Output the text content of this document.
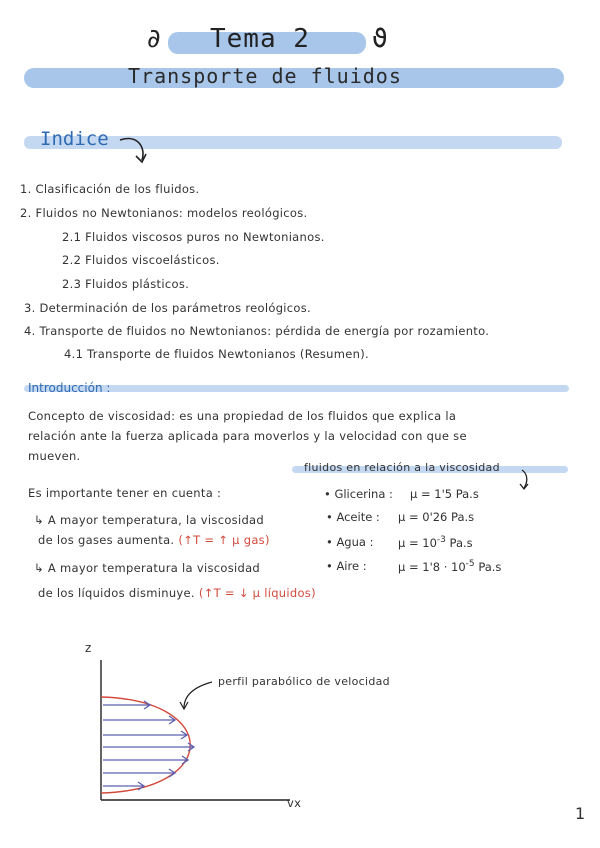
∂ Tema 2 ϑ
Transporte de fluidos
Indice
1. Clasificación de los fluidos.
2. Fluidos no Newtonianos: modelos reológicos.
2.1 Fluidos viscosos puros no Newtonianos.
2.2 Fluidos viscoelásticos.
2.3 Fluidos plásticos.
3. Determinación de los parámetros reológicos.
4. Transporte de fluidos no Newtonianos: pérdida de energía por rozamiento.
4.1 Transporte de fluidos Newtonianos (Resumen).
Introducción :
Concepto de viscosidad: es una propiedad de los fluidos que explica la
relación ante la fuerza aplicada para moverlos y la velocidad con que se
mueven.
fluidos en relación a la viscosidad
• Glicerina : μ = 1'5 Pa.s
• Aceite : μ = 0'26 Pa.s
• Agua : $\mu = 10^{-3}$ Pa.s
• Aire :	$\mu = 1'8 \cdot 10^{-5}$ Pa.s
Es importante tener en cuenta :
↳ A mayor temperatura, la viscosidad
de los gases aumenta. (↑T = ↑ μ gas)
↳ A mayor temperatura la viscosidad
de los líquidos disminuye. (↑T = ↓ μ líquidos)
z
vx
perfil parabólico de velocidad
1
